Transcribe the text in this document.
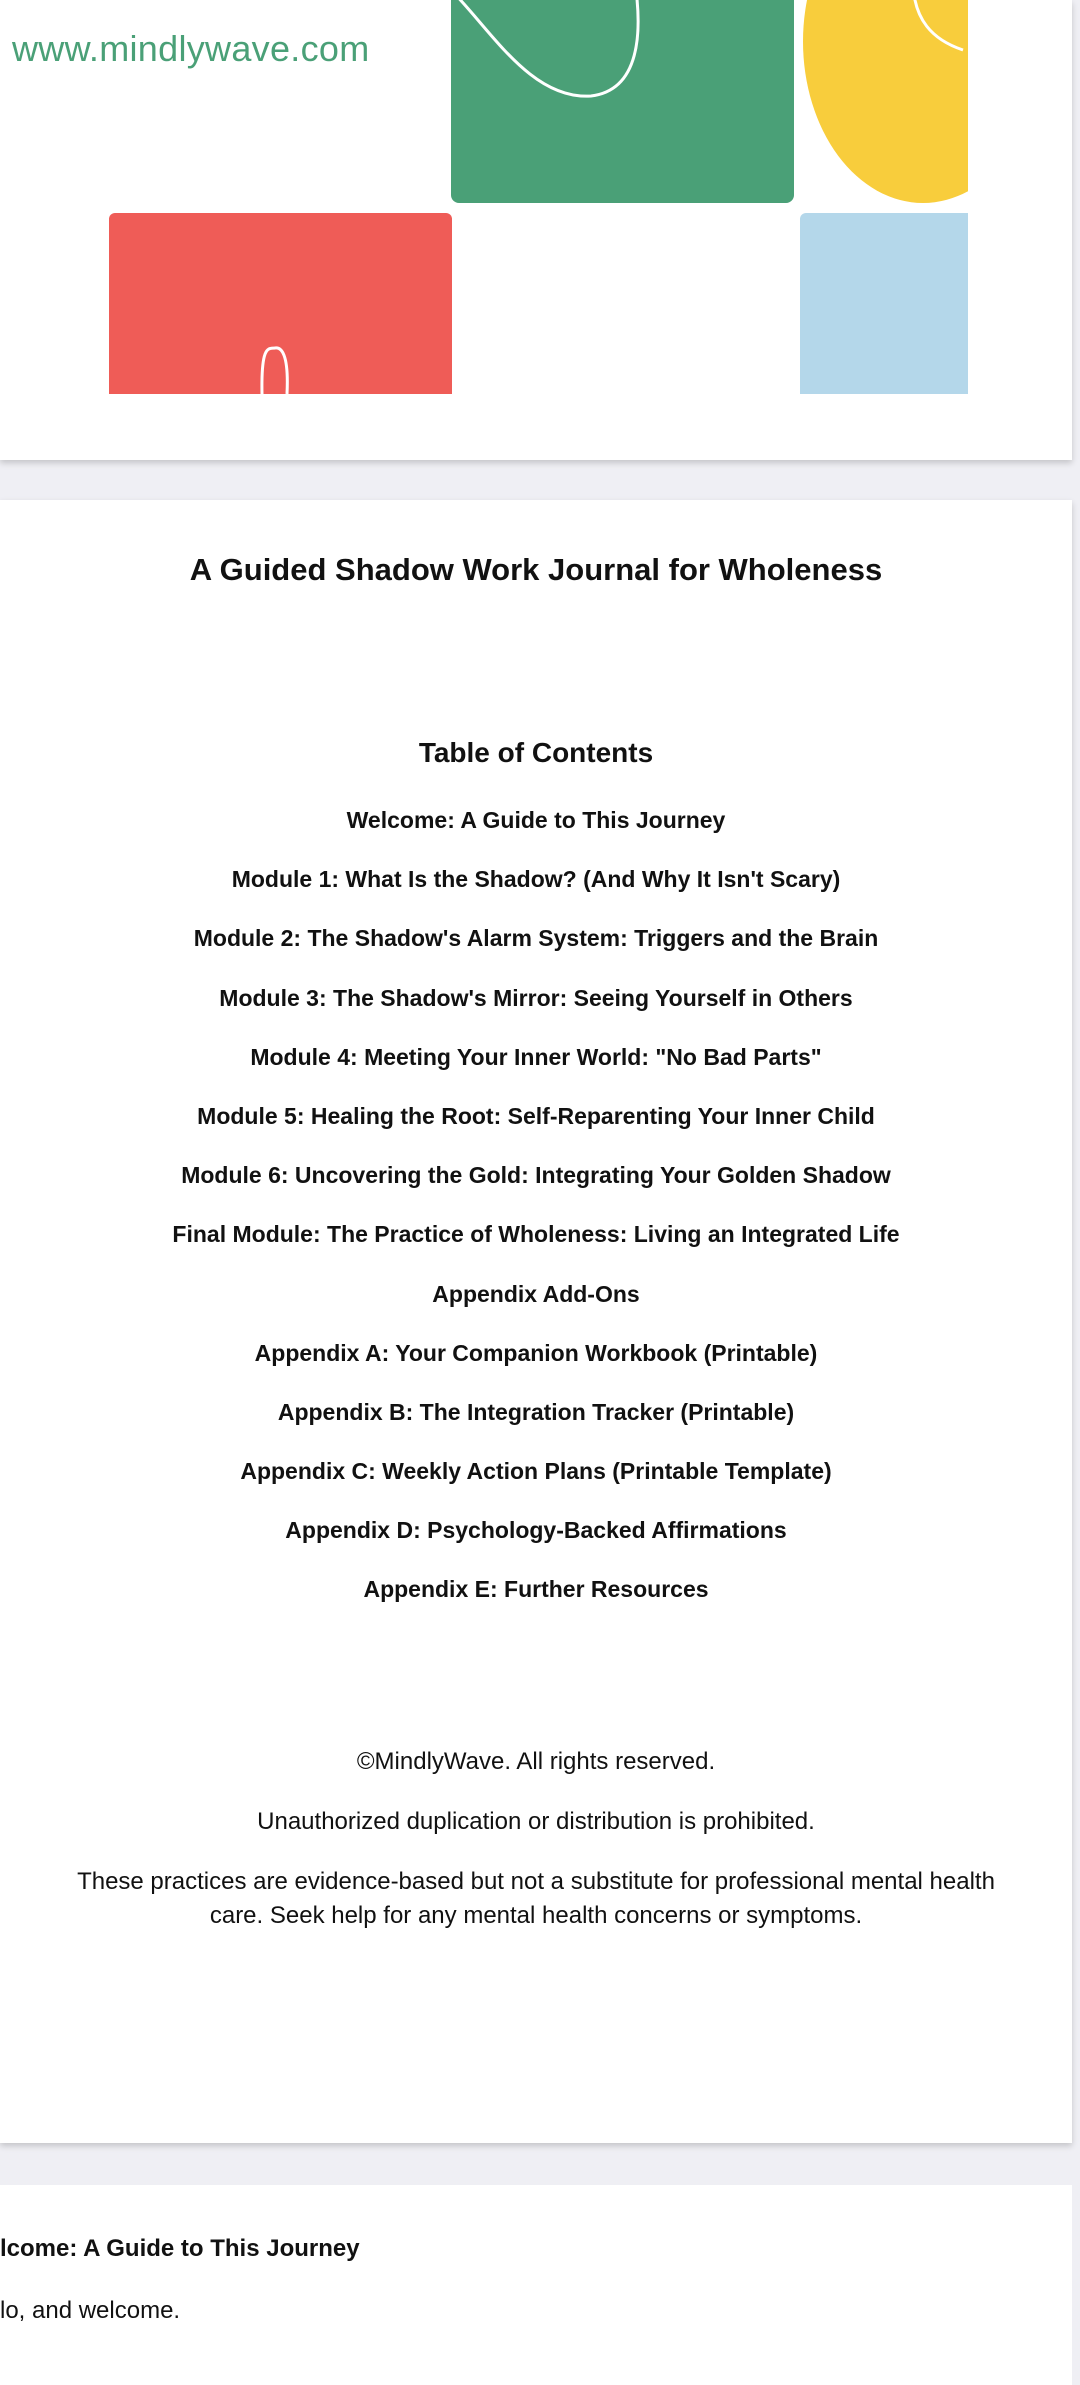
www.mindlywave.com
A Guided Shadow Work Journal for Wholeness
Table of Contents
Welcome: A Guide to This Journey
Module 1: What Is the Shadow? (And Why It Isn't Scary)
Module 2: The Shadow's Alarm System: Triggers and the Brain
Module 3: The Shadow's Mirror: Seeing Yourself in Others
Module 4: Meeting Your Inner World: "No Bad Parts"
Module 5: Healing the Root: Self-Reparenting Your Inner Child
Module 6: Uncovering the Gold: Integrating Your Golden Shadow
Final Module: The Practice of Wholeness: Living an Integrated Life
Appendix Add-Ons
Appendix A: Your Companion Workbook (Printable)
Appendix B: The Integration Tracker (Printable)
Appendix C: Weekly Action Plans (Printable Template)
Appendix D: Psychology-Backed Affirmations
Appendix E: Further Resources

©MindlyWave. All rights reserved.

Unauthorized duplication or distribution is prohibited.

These practices are evidence-based but not a substitute for professional mental health care. Seek help for any mental health concerns or symptoms.

lcome: A Guide to This Journey
lo, and welcome.
